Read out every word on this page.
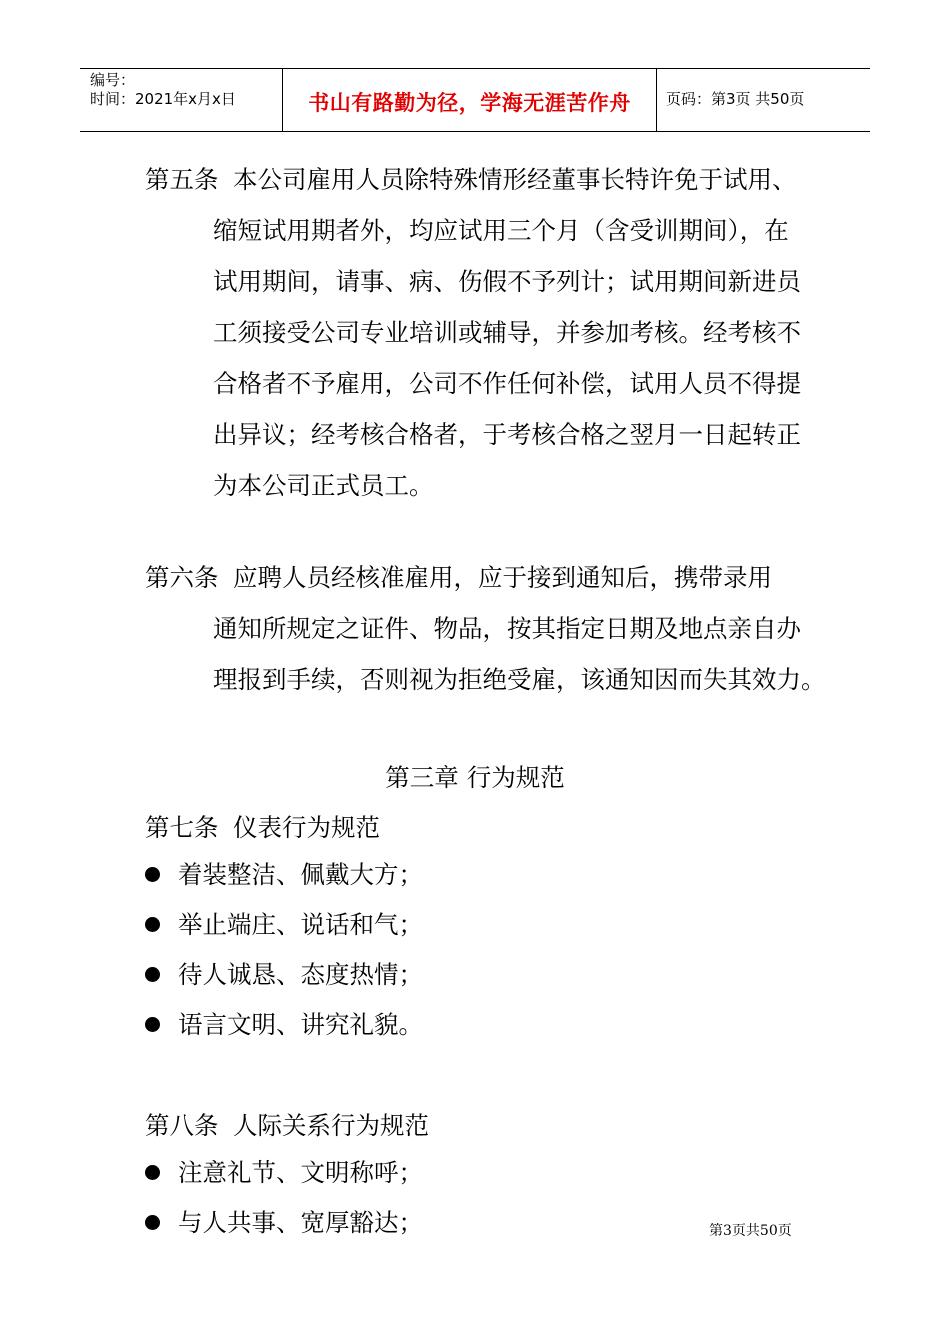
编号：
时间：2021年x月x日	书山有路勤为径，学海无涯苦作舟	页码：第3页 共50页
第五条 本公司雇用人员除特殊情形经董事长特许免于试用、
缩短试用期者外，均应试用三个月（含受训期间），在
试用期间，请事、病、伤假不予列计；试用期间新进员
工须接受公司专业培训或辅导，并参加考核。经考核不
合格者不予雇用，公司不作任何补偿，试用人员不得提
出异议；经考核合格者，于考核合格之翌月一日起转正
为本公司正式员工。
第六条 应聘人员经核准雇用，应于接到通知后，携带录用
通知所规定之证件、物品，按其指定日期及地点亲自办
理报到手续，否则视为拒绝受雇，该通知因而失其效力。
第三章 行为规范
第七条 仪表行为规范
着装整洁、佩戴大方；
举止端庄、说话和气；
待人诚恳、态度热情；
语言文明、讲究礼貌。
第八条 人际关系行为规范
注意礼节、文明称呼；
与人共事、宽厚豁达；	第3页共50页
